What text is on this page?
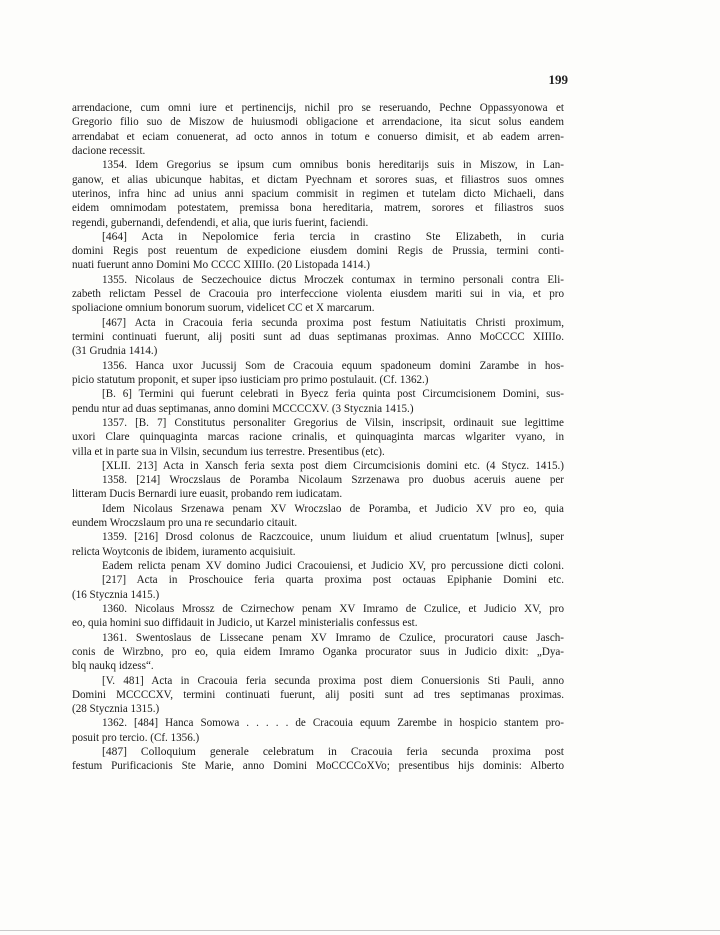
199
arrendacione, cum omni iure et pertinencijs, nichil pro se reseruando, Pechne Oppassyonowa et
Gregorio filio suo de Miszow de huiusmodi obligacione et arrendacione, ita sicut solus eandem
arrendabat et eciam conuenerat, ad octo annos in totum e conuerso dimisit, et ab eadem arren-
dacione recessit.
1354. Idem Gregorius se ipsum cum omnibus bonis hereditarijs suis in Miszow, in Lan-
ganow, et alias ubicunque habitas, et dictam Pyechnam et sorores suas, et filiastros suos omnes
uterinos, infra hinc ad unius anni spacium commisit in regimen et tutelam dicto Michaeli, dans
eidem omnimodam potestatem, premissa bona hereditaria, matrem, sorores et filiastros suos
regendi, gubernandi, defendendi, et alia, que iuris fuerint, faciendi.
[464] Acta in Nepolomice feria tercia in crastino Ste Elizabeth, in curia
domini Regis post reuentum de expedicione eiusdem domini Regis de Prussia, termini conti-
nuati fuerunt anno Domini Mo CCCC XIIIIo. (20 Listopada 1414.)
1355. Nicolaus de Seczechouice dictus Mroczek contumax in termino personali contra Eli-
zabeth relictam Pessel de Cracouia pro interfeccione violenta eiusdem mariti sui in via, et pro
spoliacione omnium bonorum suorum, videlicet CC et X marcarum.
[467] Acta in Cracouia feria secunda proxima post festum Natiuitatis Christi proximum,
termini continuati fuerunt, alij positi sunt ad duas septimanas proximas. Anno MoCCCC XIIIIo.
(31 Grudnia 1414.)
1356. Hanca uxor Jucussij Som de Cracouia equum spadoneum domini Zarambe in hos-
picio statutum proponit, et super ipso iusticiam pro primo postulauit. (Cf. 1362.)
[B. 6] Termini qui fuerunt celebrati in Byecz feria quinta post Circumcisionem Domini, sus-
pendu ntur ad duas septimanas, anno domini MCCCCXV. (3 Stycznia 1415.)
1357. [B. 7] Constitutus personaliter Gregorius de Vilsin, inscripsit, ordinauit sue legittime
uxori Clare quinquaginta marcas racione crinalis, et quinquaginta marcas wlgariter vyano, in
villa et in parte sua in Vilsin, secundum ius terrestre. Presentibus (etc).
[XLII. 213] Acta in Xansch feria sexta post diem Circumcisionis domini etc. (4 Stycz. 1415.)
1358. [214] Wroczslaus de Poramba Nicolaum Szrzenawa pro duobus aceruis auene per
litteram Ducis Bernardi iure euasit, probando rem iudicatam.
Idem Nicolaus Srzenawa penam XV Wroczslao de Poramba, et Judicio XV pro eo, quia
eundem Wroczslaum pro una re secundario citauit.
1359. [216] Drosd colonus de Raczcouice, unum liuidum et aliud cruentatum [wlnus], super
relicta Woytconis de ibidem, iuramento acquisiuit.
Eadem relicta penam XV domino Judici Cracouiensi, et Judicio XV, pro percussione dicti coloni.
[217] Acta in Proschouice feria quarta proxima post octauas Epiphanie Domini etc.
(16 Stycznia 1415.)
1360. Nicolaus Mrossz de Czirnechow penam XV Imramo de Czulice, et Judicio XV, pro
eo, quia homini suo diffidauit in Judicio, ut Karzel ministerialis confessus est.
1361. Swentoslaus de Lissecane penam XV Imramo de Czulice, procuratori cause Jasch-
conis de Wirzbno, pro eo, quia eidem Imramo Oganka procurator suus in Judicio dixit: „Dya-
blq naukq idzess“.
[V. 481] Acta in Cracouia feria secunda proxima post diem Conuersionis Sti Pauli, anno
Domini MCCCCXV, termini continuati fuerunt, alij positi sunt ad tres septimanas proximas.
(28 Stycznia 1315.)
1362. [484] Hanca Somowa . . . . . de Cracouia equum Zarembe in hospicio stantem pro-
posuit pro tercio. (Cf. 1356.)
[487] Colloquium generale celebratum in Cracouia feria secunda proxima post
festum Purificacionis Ste Marie, anno Domini MoCCCCoXVo; presentibus hijs dominis: Alberto
